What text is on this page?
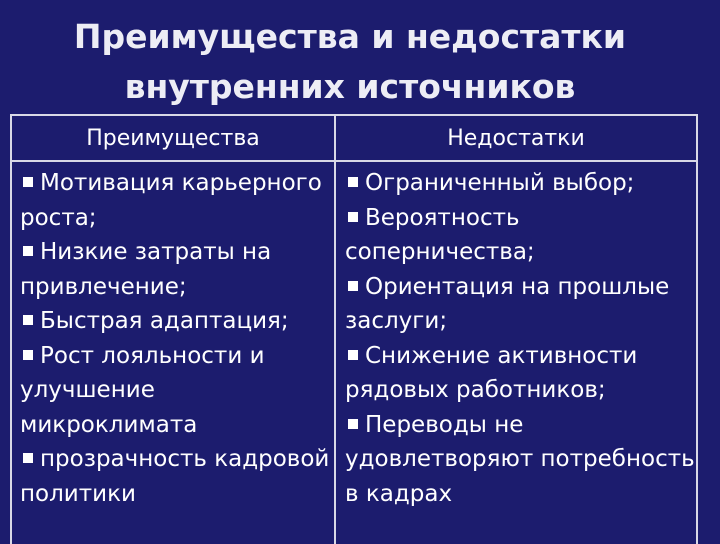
Преимущества и недостатки
внутренних источников
Преимущества	Недостатки
Мотивация карьерного роста;
Низкие затраты на привлечение;
Быстрая адаптация;
Рост лояльности и улучшение микроклимата
прозрачность кадровой политики
Ограниченный выбор;
Вероятность соперничества;
Ориентация на прошлые заслуги;
Снижение активности рядовых работников;
Переводы не удовлетворяют потребность в кадрах
